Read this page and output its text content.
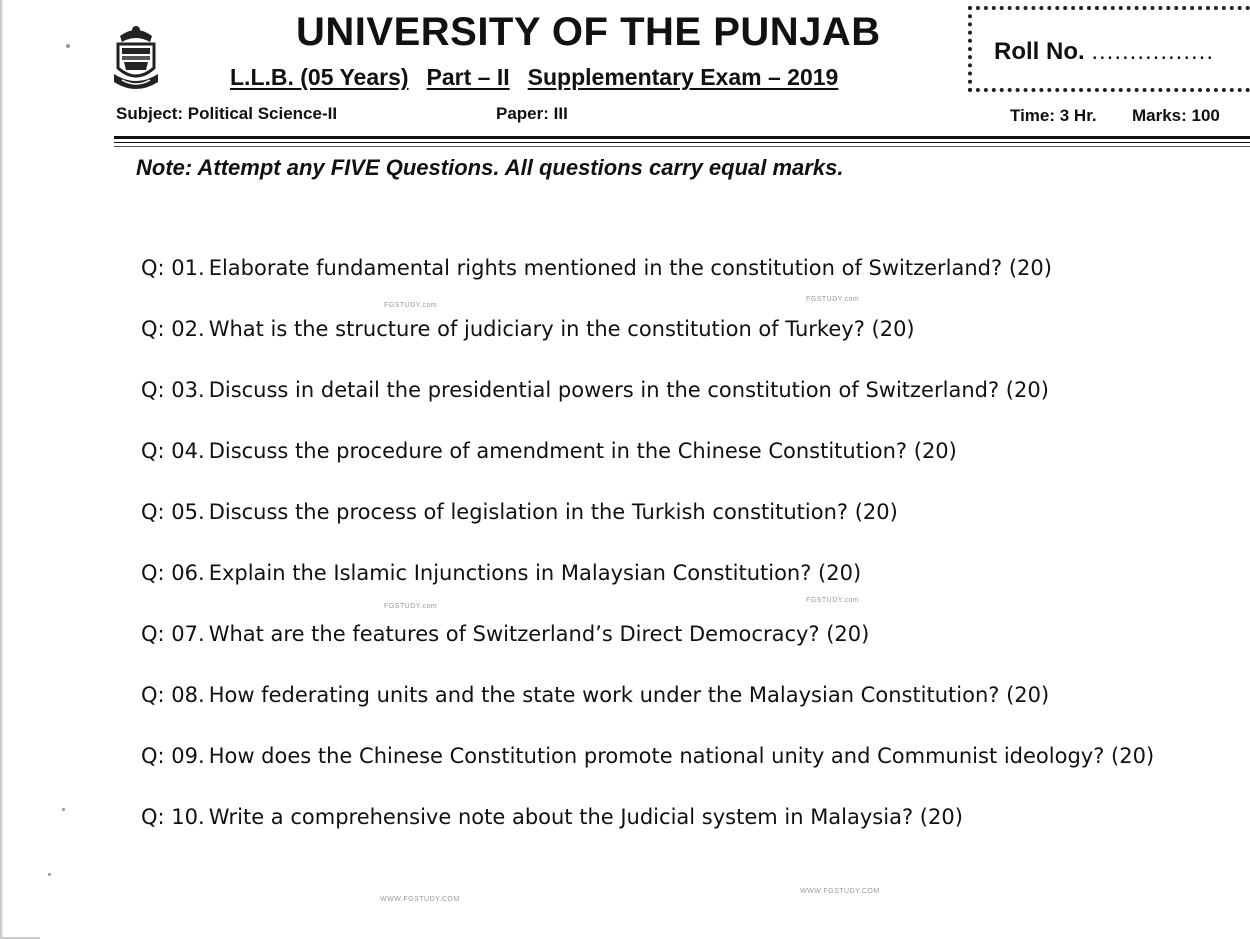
UNIVERSITY OF THE PUNJAB
L.L.B. (05 Years) Part – II Supplementary Exam – 2019
Roll No. ................
Subject: Political Science-II	Paper: III	Time: 3 Hr. Marks: 100
Note: Attempt any FIVE Questions. All questions carry equal marks.
Q: 01. Elaborate fundamental rights mentioned in the constitution of Switzerland? (20)
Q: 02. What is the structure of judiciary in the constitution of Turkey? (20)
Q: 03. Discuss in detail the presidential powers in the constitution of Switzerland? (20)
Q: 04. Discuss the procedure of amendment in the Chinese Constitution? (20)
Q: 05. Discuss the process of legislation in the Turkish constitution? (20)
Q: 06. Explain the Islamic Injunctions in Malaysian Constitution? (20)
Q: 07. What are the features of Switzerland’s Direct Democracy? (20)
Q: 08. How federating units and the state work under the Malaysian Constitution? (20)
Q: 09. How does the Chinese Constitution promote national unity and Communist ideology? (20)
Q: 10. Write a comprehensive note about the Judicial system in Malaysia? (20)
FGSTUDY.com
FGSTUDY.com
FGSTUDY.com
FGSTUDY.com
WWW.FGSTUDY.COM
WWW.FGSTUDY.COM
